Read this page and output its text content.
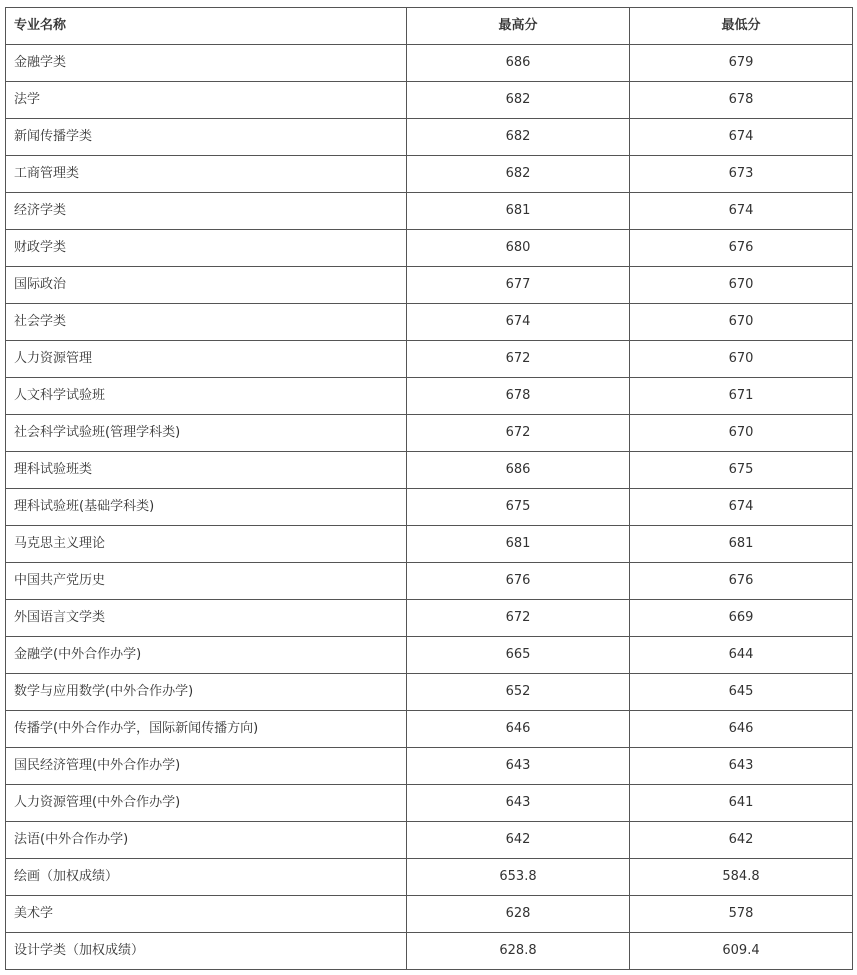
专业名称	最高分	最低分
金融学类	686	679
法学	682	678
新闻传播学类	682	674
工商管理类	682	673
经济学类	681	674
财政学类	680	676
国际政治	677	670
社会学类	674	670
人力资源管理	672	670
人文科学试验班	678	671
社会科学试验班(管理学科类)	672	670
理科试验班类	686	675
理科试验班(基础学科类)	675	674
马克思主义理论	681	681
中国共产党历史	676	676
外国语言文学类	672	669
金融学(中外合作办学)	665	644
数学与应用数学(中外合作办学)	652	645
传播学(中外合作办学，国际新闻传播方向)	646	646
国民经济管理(中外合作办学)	643	643
人力资源管理(中外合作办学)	643	641
法语(中外合作办学)	642	642
绘画（加权成绩）	653.8	584.8
美术学	628	578
设计学类（加权成绩）	628.8	609.4
